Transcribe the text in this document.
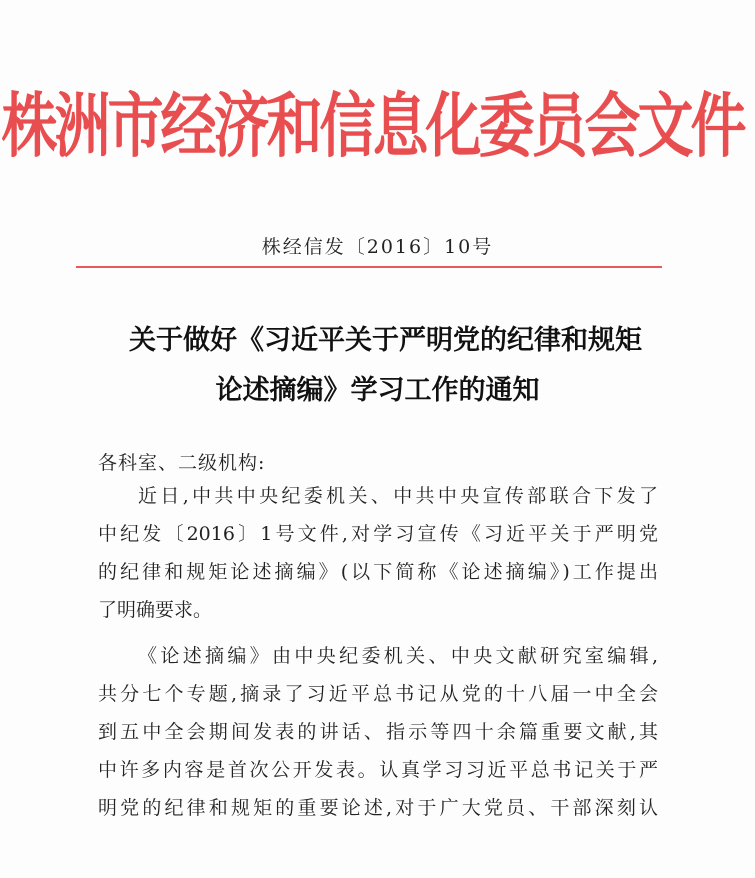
株洲市经济和信息化委员会文件
株经信发〔2016〕10号
关于做好《习近平关于严明党的纪律和规矩
论述摘编》学习工作的通知
各科室、二级机构:
近日,中共中央纪委机关、中共中央宣传部联合下发了
中纪发〔2016〕1号文件,对学习宣传《习近平关于严明党
的纪律和规矩论述摘编》(以下简称《论述摘编》)工作提出
了明确要求。
《论述摘编》由中央纪委机关、中央文献研究室编辑,
共分七个专题,摘录了习近平总书记从党的十八届一中全会
到五中全会期间发表的讲话、指示等四十余篇重要文献,其
中许多内容是首次公开发表。认真学习习近平总书记关于严
明党的纪律和规矩的重要论述,对于广大党员、干部深刻认
